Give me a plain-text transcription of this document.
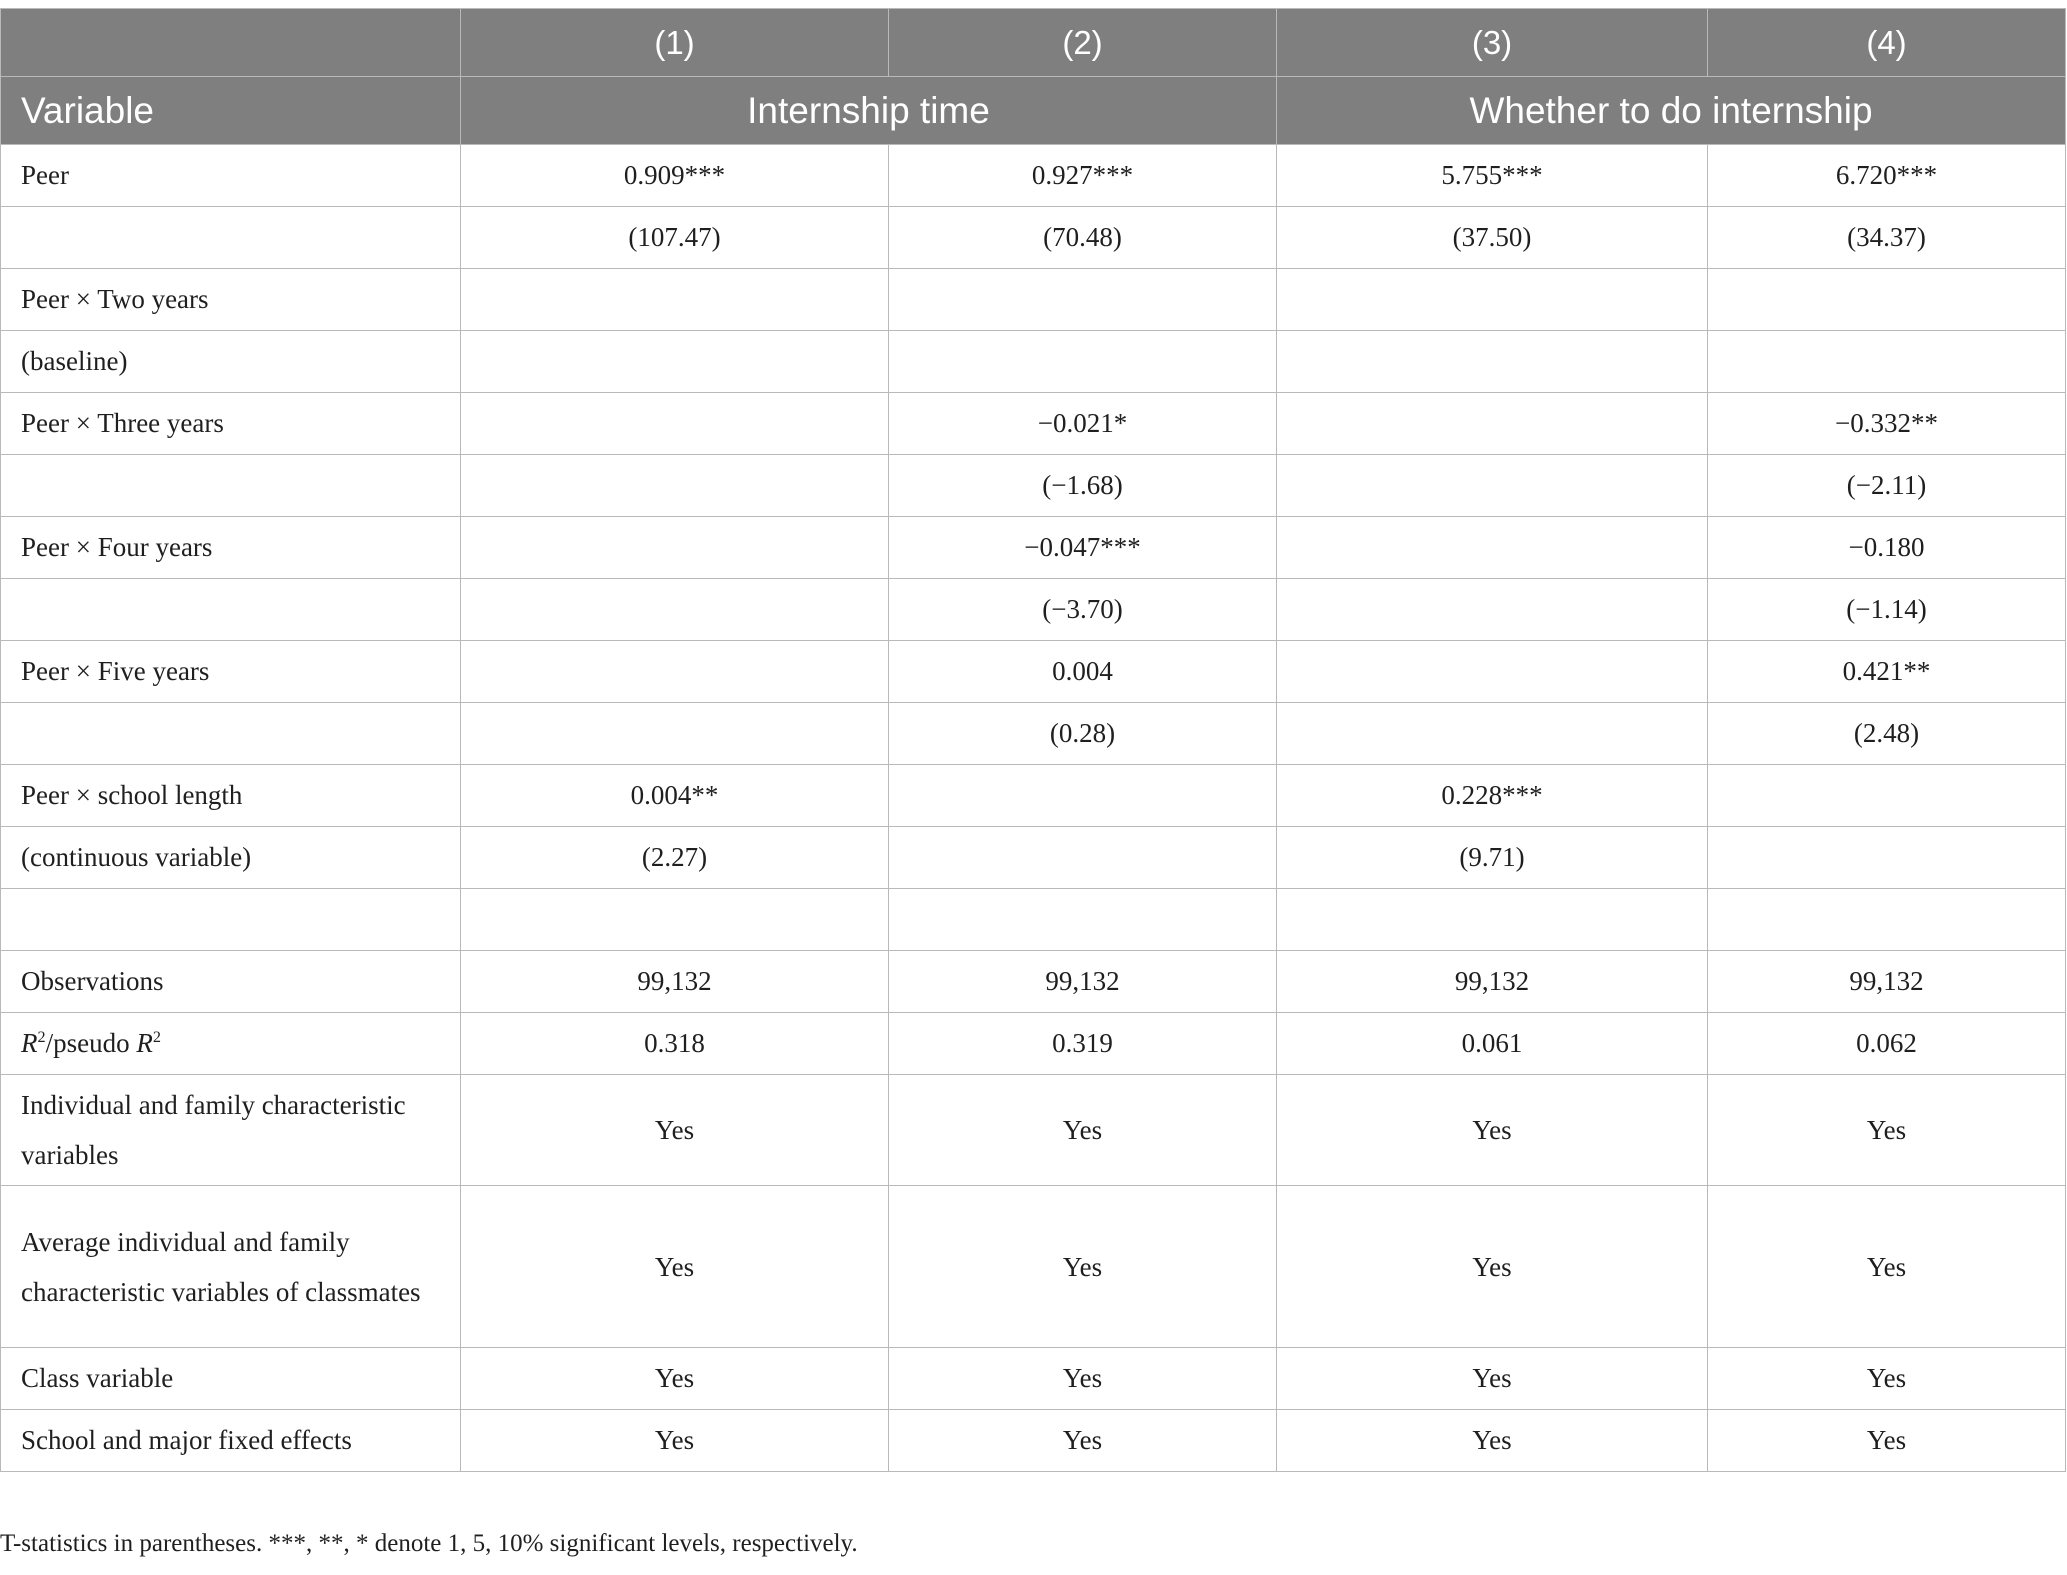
	(1)	(2)	(3)	(4)
Variable	Internship time		Whether to do internship	
Peer	0.909***	0.927***	5.755***	6.720***
	(107.47)	(70.48)	(37.50)	(34.37)
Peer × Two years				
(baseline)				
Peer × Three years		−0.021*		−0.332**
		(−1.68)		(−2.11)
Peer × Four years		−0.047***		−0.180
		(−3.70)		(−1.14)
Peer × Five years		0.004		0.421**
		(0.28)		(2.48)
Peer × school length	0.004**		0.228***	
(continuous variable)	(2.27)		(9.71)	

Observations	99,132	99,132	99,132	99,132
$R^2$/pseudo $R^2$	0.318	0.319	0.061	0.062
Individual and family characteristic variables	Yes	Yes	Yes	Yes
Average individual and family characteristic variables of classmates	Yes	Yes	Yes	Yes
Class variable	Yes	Yes	Yes	Yes
School and major fixed effects	Yes	Yes	Yes	Yes
T-statistics in parentheses. ***, **, * denote 1, 5, 10% significant levels, respectively.
